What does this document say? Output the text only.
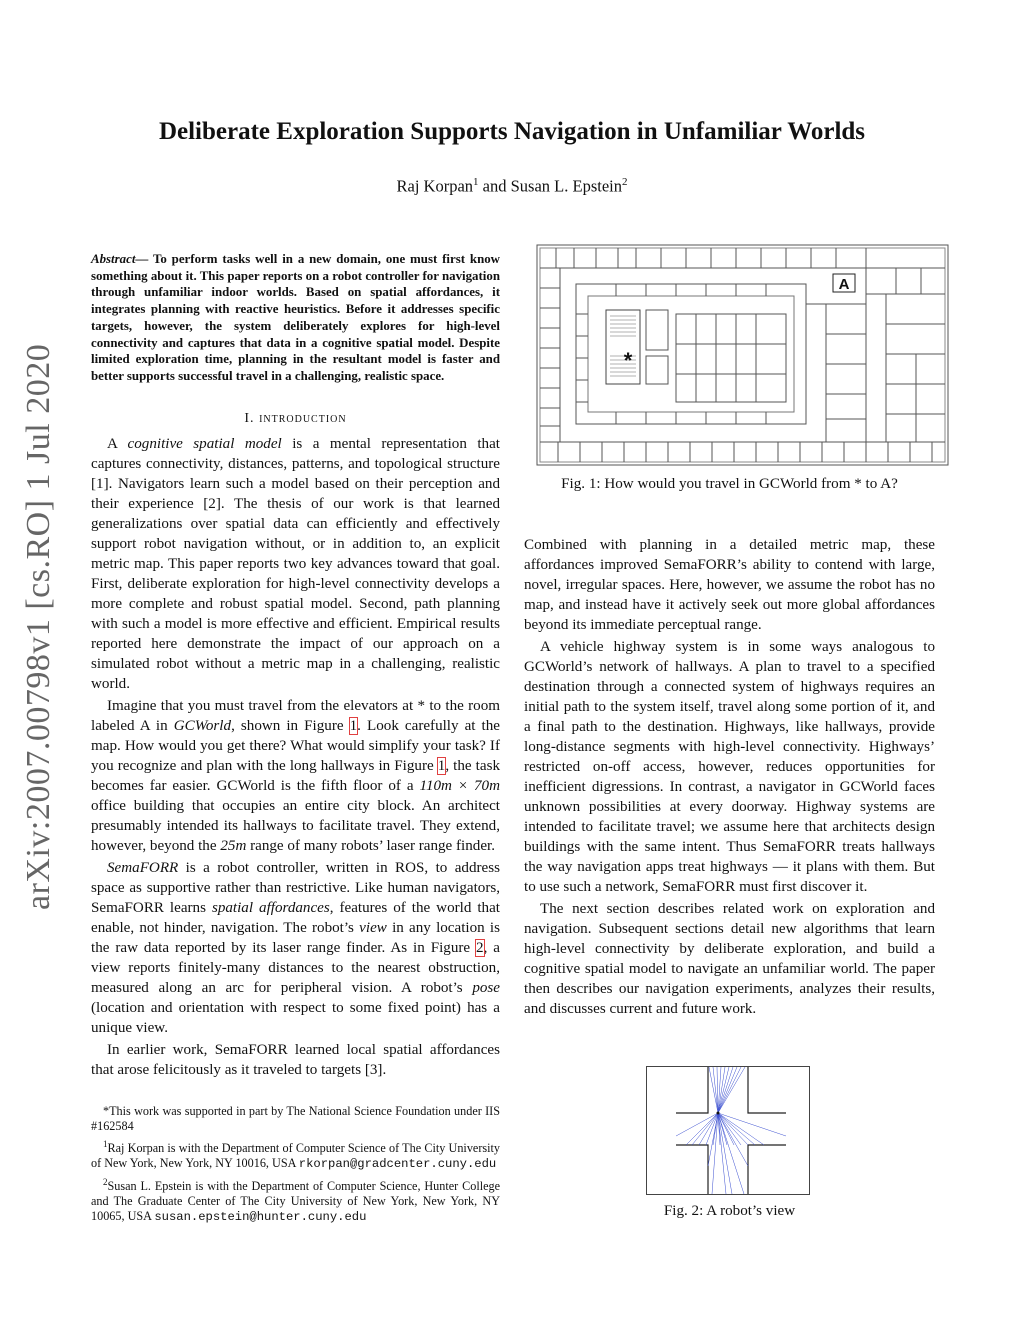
Deliberate Exploration Supports Navigation in Unfamiliar Worlds
Raj Korpan$^1$ and Susan L. Epstein$^2$
arXiv:2007.00798v1 [cs.RO] 1 Jul 2020
Abstract— To perform tasks well in a new domain, one must first know something about it. This paper reports on a robot controller for navigation through unfamiliar indoor worlds. Based on spatial affordances, it integrates planning with reactive heuristics. Before it addresses specific targets, however, the system deliberately explores for high-level connectivity and captures that data in a cognitive spatial model. Despite limited exploration time, planning in the resultant model is faster and better supports successful travel in a challenging, realistic space.
I. introduction

A cognitive spatial model is a mental representation that captures connectivity, distances, patterns, and topological structure [1]. Navigators learn such a model based on their perception and their experience [2]. The thesis of our work is that learned generalizations over spatial data can efficiently and effectively support robot navigation without, or in addition to, an explicit metric map. This paper reports two key advances toward that goal. First, deliberate exploration for high-level connectivity develops a more complete and robust spatial model. Second, path planning with such a model is more effective and efficient. Empirical results reported here demonstrate the impact of our approach on a simulated robot without a metric map in a challenging, realistic world.

Imagine that you must travel from the elevators at * to the room labeled A in GCWorld, shown in Figure 1. Look carefully at the map. How would you get there? What would simplify your task? If you recognize and plan with the long hallways in Figure 1, the task becomes far easier. GCWorld is the fifth floor of a 110m × 70m office building that occupies an entire city block. An architect presumably intended its hallways to facilitate travel. They extend, however, beyond the 25m range of many robots’ laser range finder.

SemaFORR is a robot controller, written in ROS, to address space as supportive rather than restrictive. Like human navigators, SemaFORR learns spatial affordances, features of the world that enable, not hinder, navigation. The robot’s view in any location is the raw data reported by its laser range finder. As in Figure 2, a view reports finitely-many distances to the nearest obstruction, measured along an arc for peripheral vision. A robot’s pose (location and orientation with respect to some fixed point) has a unique view.

In earlier work, SemaFORR learned local spatial affordances that arose felicitously as it traveled to targets [3].

*This work was supported in part by The National Science Foundation under IIS #162584

$^1$Raj Korpan is with the Department of Computer Science of The City University of New York, New York, NY 10016, USA rkorpan@gradcenter.cuny.edu

$^2$Susan L. Epstein is with the Department of Computer Science, Hunter College and The Graduate Center of The City University of New York, New York, NY 10065, USA susan.epstein@hunter.cuny.edu

A
*
Fig. 1: How would you travel in GCWorld from * to A?

Combined with planning in a detailed metric map, these affordances improved SemaFORR’s ability to contend with large, novel, irregular spaces. Here, however, we assume the robot has no map, and instead have it actively seek out more global affordances beyond its immediate perceptual range.

A vehicle highway system is in some ways analogous to GCWorld’s network of hallways. A plan to travel to a specified destination through a connected system of highways requires an initial path to the system itself, travel along some portion of it, and a final path to the destination. Highways, like hallways, provide long-distance segments with high-level connectivity. Highways’ restricted on-off access, however, reduces opportunities for inefficient digressions. In contrast, a navigator in GCWorld faces unknown possibilities at every doorway. Highway systems are intended to facilitate travel; we assume here that architects design buildings with the same intent. Thus SemaFORR treats hallways the way navigation apps treat highways — it plans with them. But to use such a network, SemaFORR must first discover it.

The next section describes related work on exploration and navigation. Subsequent sections detail new algorithms that learn high-level connectivity by deliberate exploration, and build a cognitive spatial model to navigate an unfamiliar world. The paper then describes our navigation experiments, analyzes their results, and discusses current and future work.

Fig. 2: A robot’s view
